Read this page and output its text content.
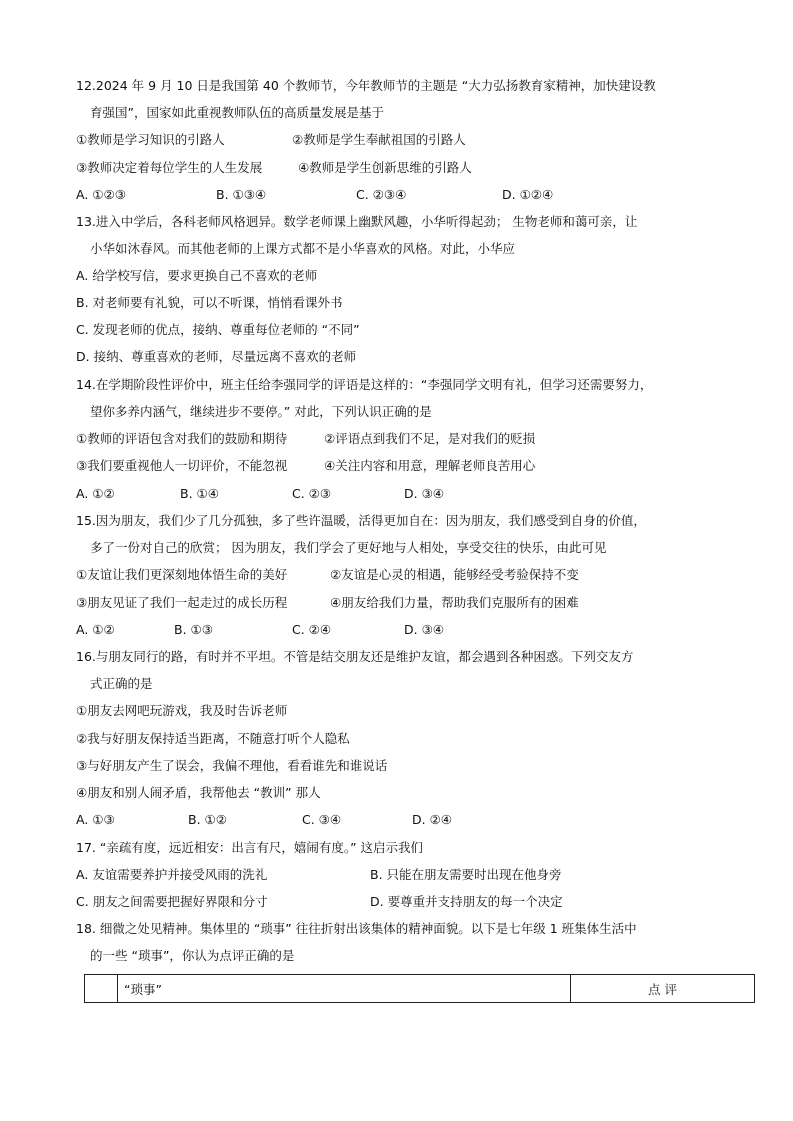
12.2024 年 9 月 10 日是我国第 40 个教师节，今年教师节的主题是 “大力弘扬教育家精神，加快建设教
育强国”，国家如此重视教师队伍的高质量发展是基于
①教师是学习知识的引路人	②教师是学生奉献祖国的引路人
③教师决定着每位学生的人生发展	④教师是学生创新思维的引路人
A. ①②③	B. ①③④	C. ②③④	D. ①②④
13.进入中学后，各科老师风格迥异。数学老师课上幽默风趣，小华听得起劲； 生物老师和蔼可亲，让
小华如沐春风。而其他老师的上课方式都不是小华喜欢的风格。对此，小华应
A. 给学校写信，要求更换自己不喜欢的老师
B. 对老师要有礼貌，可以不听课，悄悄看课外书
C. 发现老师的优点，接纳、尊重每位老师的 “不同”
D. 接纳、尊重喜欢的老师，尽量远离不喜欢的老师
14.在学期阶段性评价中，班主任给李强同学的评语是这样的：“李强同学文明有礼，但学习还需要努力，
望你多养内涵气，继续进步不要停。” 对此，下列认识正确的是
①教师的评语包含对我们的鼓励和期待	②评语点到我们不足，是对我们的贬损
③我们要重视他人一切评价，不能忽视	④关注内容和用意，理解老师良苦用心
A. ①②	B. ①④	C. ②③	D. ③④
15.因为朋友，我们少了几分孤独，多了些许温暖，活得更加自在：因为朋友，我们感受到自身的价值，
多了一份对自己的欣赏； 因为朋友，我们学会了更好地与人相处，享受交往的快乐，由此可见
①友谊让我们更深刻地体悟生命的美好	②友谊是心灵的相遇，能够经受考验保持不变
③朋友见证了我们一起走过的成长历程	④朋友给我们力量，帮助我们克服所有的困难
A. ①②	B. ①③	C. ②④	D. ③④
16.与朋友同行的路，有时并不平坦。不管是结交朋友还是维护友谊，都会遇到各种困惑。下列交友方
式正确的是
①朋友去网吧玩游戏，我及时告诉老师
②我与好朋友保持适当距离，不随意打听个人隐私
③与好朋友产生了误会，我偏不理他，看看谁先和谁说话
④朋友和别人闹矛盾，我帮他去 “教训” 那人
A. ①③	B. ①②	C. ③④	D. ②④
17. “亲疏有度，远近相安：出言有尺，嬉闹有度。” 这启示我们
A. 友谊需要养护并接受风雨的洗礼	B. 只能在朋友需要时出现在他身旁
C. 朋友之间需要把握好界限和分寸	D. 要尊重并支持朋友的每一个决定
18. 细微之处见精神。集体里的 “琐事” 往往折射出该集体的精神面貌。以下是七年级 1 班集体生活中
的一些 “琐事”，你认为点评正确的是
	“琐事”	点 评
